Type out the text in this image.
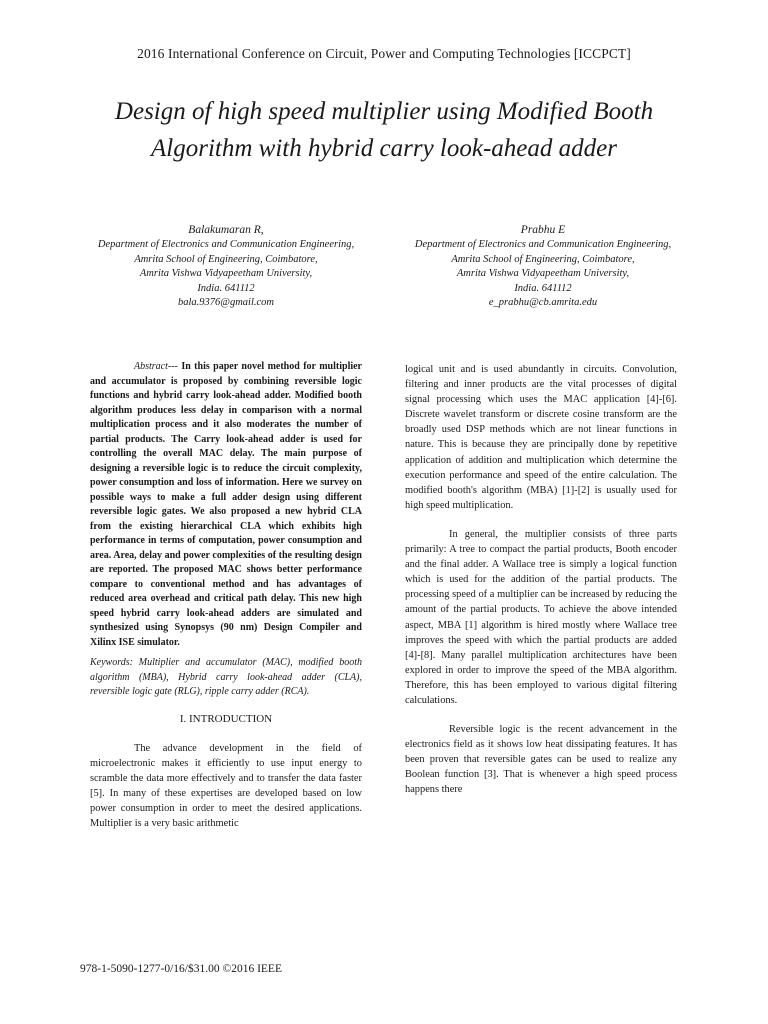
2016 International Conference on Circuit, Power and Computing Technologies [ICCPCT]
Design of high speed multiplier using Modified Booth Algorithm with hybrid carry look-ahead adder
Balakumaran R,
Department of Electronics and Communication Engineering,
Amrita School of Engineering, Coimbatore,
Amrita Vishwa Vidyapeetham University,
India. 641112
bala.9376@gmail.com
Prabhu E
Department of Electronics and Communication Engineering,
Amrita School of Engineering, Coimbatore,
Amrita Vishwa Vidyapeetham University,
India. 641112
e_prabhu@cb.amrita.edu

Abstract--- In this paper novel method for multiplier and accumulator is proposed by combining reversible logic functions and hybrid carry look-ahead adder. Modified booth algorithm produces less delay in comparison with a normal multiplication process and it also moderates the number of partial products. The Carry look-ahead adder is used for controlling the overall MAC delay. The main purpose of designing a reversible logic is to reduce the circuit complexity, power consumption and loss of information. Here we survey on possible ways to make a full adder design using different reversible logic gates. We also proposed a new hybrid CLA from the existing hierarchical CLA which exhibits high performance in terms of computation, power consumption and area. Area, delay and power complexities of the resulting design are reported. The proposed MAC shows better performance compare to conventional method and has advantages of reduced area overhead and critical path delay. This new high speed hybrid carry look-ahead adders are simulated and synthesized using Synopsys (90 nm) Design Compiler and Xilinx ISE simulator.

Keywords: Multiplier and accumulator (MAC), modified booth algorithm (MBA), Hybrid carry look-ahead adder (CLA), reversible logic gate (RLG), ripple carry adder (RCA).

I. INTRODUCTION

The advance development in the field of microelectronic makes it efficiently to use input energy to scramble the data more effectively and to transfer the data faster [5]. In many of these expertises are developed based on low power consumption in order to meet the desired applications. Multiplier is a very basic arithmetic

logical unit and is used abundantly in circuits. Convolution, filtering and inner products are the vital processes of digital signal processing which uses the MAC application [4]-[6]. Discrete wavelet transform or discrete cosine transform are the broadly used DSP methods which are not linear functions in nature. This is because they are principally done by repetitive application of addition and multiplication which determine the execution performance and speed of the entire calculation. The modified booth's algorithm (MBA) [1]-[2] is usually used for high speed multiplication.

In general, the multiplier consists of three parts primarily: A tree to compact the partial products, Booth encoder and the final adder. A Wallace tree is simply a logical function which is used for the addition of the partial products. The processing speed of a multiplier can be increased by reducing the amount of the partial products. To achieve the above intended aspect, MBA [1] algorithm is hired mostly where Wallace tree improves the speed with which the partial products are added [4]-[8]. Many parallel multiplication architectures have been explored in order to improve the speed of the MBA algorithm. Therefore, this has been employed to various digital filtering calculations.

Reversible logic is the recent advancement in the electronics field as it shows low heat dissipating features. It has been proven that reversible gates can be used to realize any Boolean function [3]. That is whenever a high speed process happens there

978-1-5090-1277-0/16/$31.00 ©2016 IEEE
